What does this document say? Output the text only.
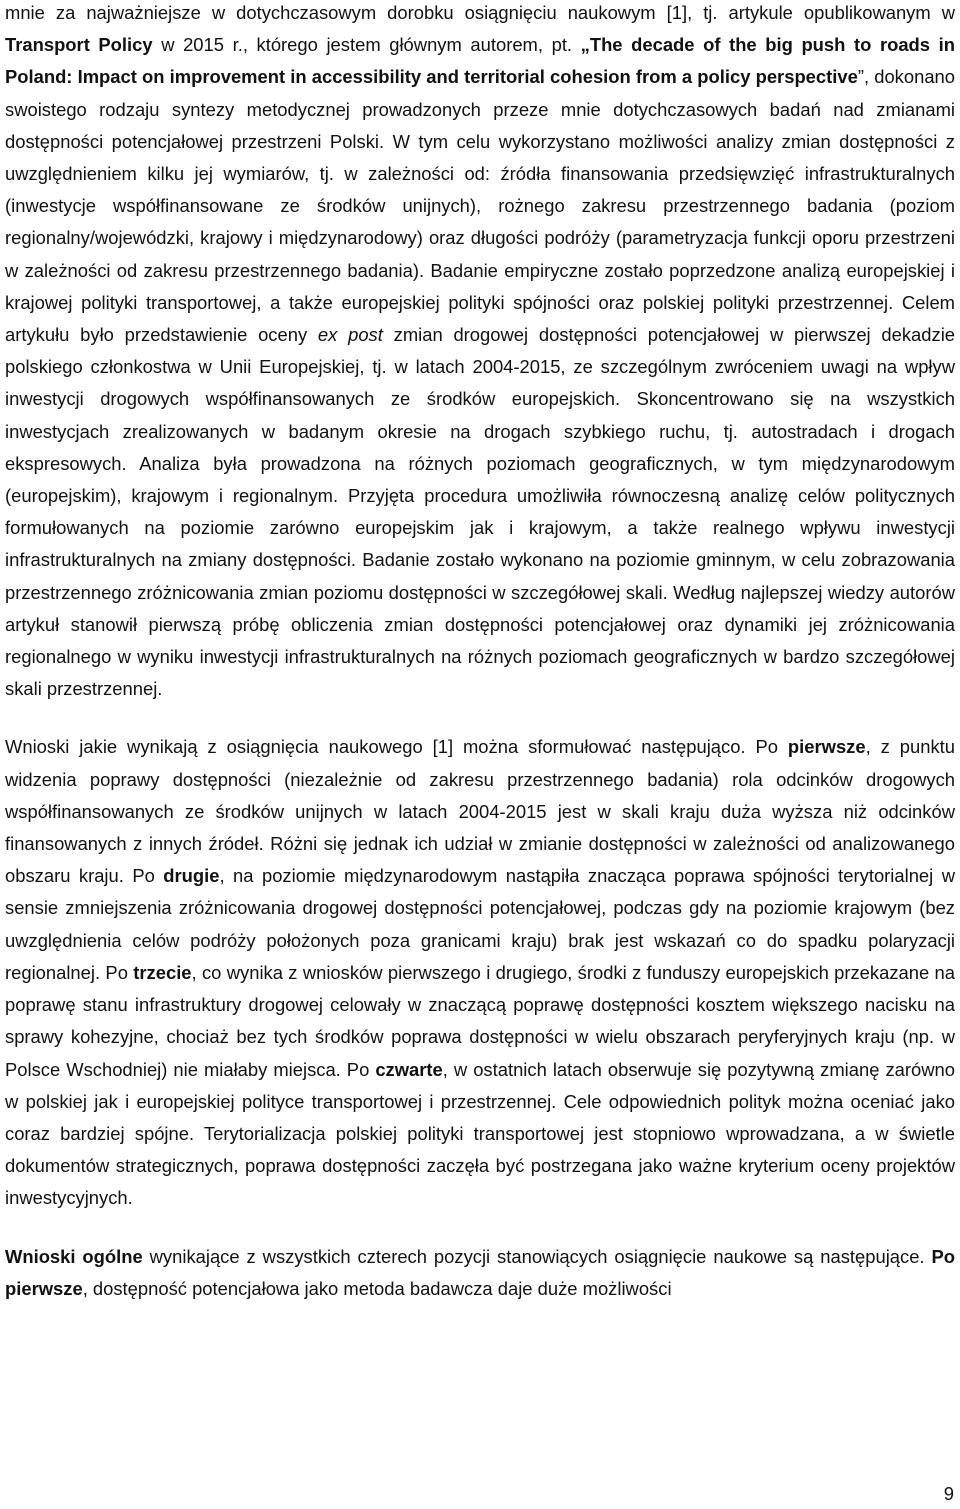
mnie za najważniejsze w dotychczasowym dorobku osiągnięciu naukowym [1], tj. artykule opublikowanym w Transport Policy w 2015 r., którego jestem głównym autorem, pt. „The decade of the big push to roads in Poland: Impact on improvement in accessibility and territorial cohesion from a policy perspective”, dokonano swoistego rodzaju syntezy metodycznej prowadzonych przeze mnie dotychczasowych badań nad zmianami dostępności potencjałowej przestrzeni Polski. W tym celu wykorzystano możliwości analizy zmian dostępności z uwzględnieniem kilku jej wymiarów, tj. w zależności od: źródła finansowania przedsięwzięć infrastrukturalnych (inwestycje współfinansowane ze środków unijnych), rożnego zakresu przestrzennego badania (poziom regionalny/wojewódzki, krajowy i międzynarodowy) oraz długości podróży (parametryzacja funkcji oporu przestrzeni w zależności od zakresu przestrzennego badania). Badanie empiryczne zostało poprzedzone analizą europejskiej i krajowej polityki transportowej, a także europejskiej polityki spójności oraz polskiej polityki przestrzennej. Celem artykułu było przedstawienie oceny ex post zmian drogowej dostępności potencjałowej w pierwszej dekadzie polskiego członkostwa w Unii Europejskiej, tj. w latach 2004-2015, ze szczególnym zwróceniem uwagi na wpływ inwestycji drogowych współfinansowanych ze środków europejskich. Skoncentrowano się na wszystkich inwestycjach zrealizowanych w badanym okresie na drogach szybkiego ruchu, tj. autostradach i drogach ekspresowych. Analiza była prowadzona na różnych poziomach geograficznych, w tym międzynarodowym (europejskim), krajowym i regionalnym. Przyjęta procedura umożliwiła równoczesną analizę celów politycznych formułowanych na poziomie zarówno europejskim jak i krajowym, a także realnego wpływu inwestycji infrastrukturalnych na zmiany dostępności. Badanie zostało wykonano na poziomie gminnym, w celu zobrazowania przestrzennego zróżnicowania zmian poziomu dostępności w szczegółowej skali. Według najlepszej wiedzy autorów artykuł stanowił pierwszą próbę obliczenia zmian dostępności potencjałowej oraz dynamiki jej zróżnicowania regionalnego w wyniku inwestycji infrastrukturalnych na różnych poziomach geograficznych w bardzo szczegółowej skali przestrzennej.

Wnioski jakie wynikają z osiągnięcia naukowego [1] można sformułować następująco. Po pierwsze, z punktu widzenia poprawy dostępności (niezależnie od zakresu przestrzennego badania) rola odcinków drogowych współfinansowanych ze środków unijnych w latach 2004-2015 jest w skali kraju duża wyższa niż odcinków finansowanych z innych źródeł. Różni się jednak ich udział w zmianie dostępności w zależności od analizowanego obszaru kraju. Po drugie, na poziomie międzynarodowym nastąpiła znacząca poprawa spójności terytorialnej w sensie zmniejszenia zróżnicowania drogowej dostępności potencjałowej, podczas gdy na poziomie krajowym (bez uwzględnienia celów podróży położonych poza granicami kraju) brak jest wskazań co do spadku polaryzacji regionalnej. Po trzecie, co wynika z wniosków pierwszego i drugiego, środki z funduszy europejskich przekazane na poprawę stanu infrastruktury drogowej celowały w znaczącą poprawę dostępności kosztem większego nacisku na sprawy kohezyjne, chociaż bez tych środków poprawa dostępności w wielu obszarach peryferyjnych kraju (np. w Polsce Wschodniej) nie miałaby miejsca. Po czwarte, w ostatnich latach obserwuje się pozytywną zmianę zarówno w polskiej jak i europejskiej polityce transportowej i przestrzennej. Cele odpowiednich polityk można oceniać jako coraz bardziej spójne. Terytorializacja polskiej polityki transportowej jest stopniowo wprowadzana, a w świetle dokumentów strategicznych, poprawa dostępności zaczęła być postrzegana jako ważne kryterium oceny projektów inwestycyjnych.

Wnioski ogólne wynikające z wszystkich czterech pozycji stanowiących osiągnięcie naukowe są następujące. Po pierwsze, dostępność potencjałowa jako metoda badawcza daje duże możliwości

9
